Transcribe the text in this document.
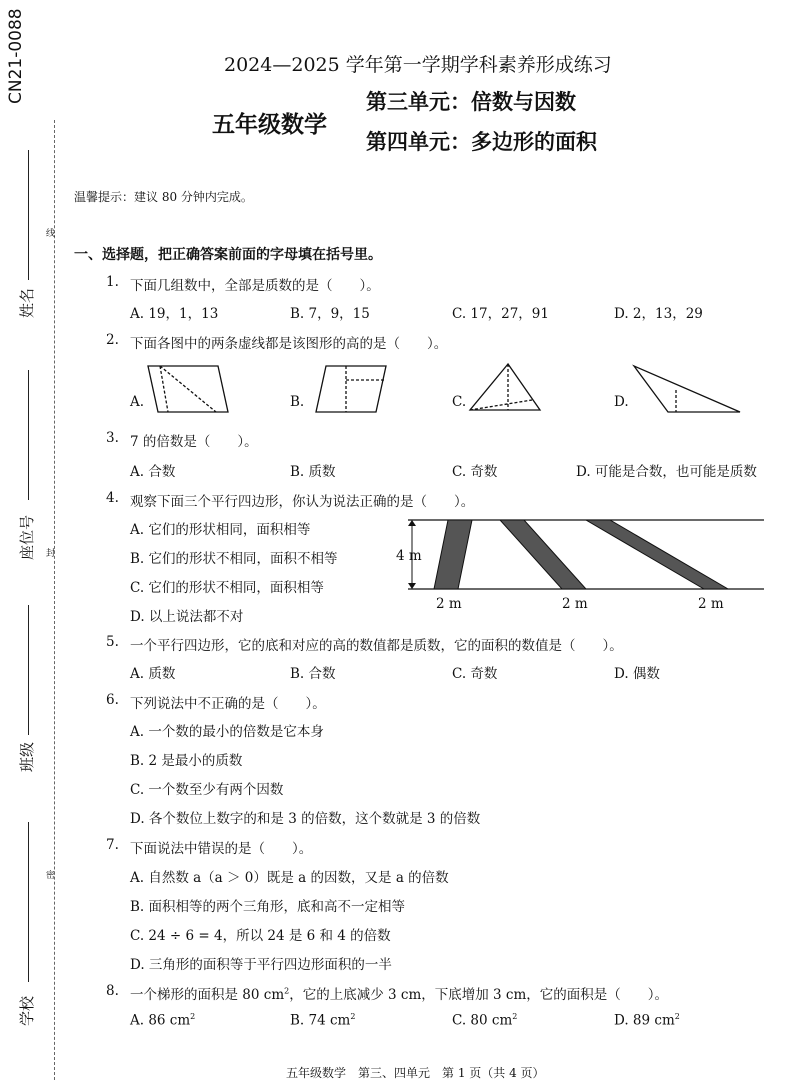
CN21-0088
线
封
密
姓名
座位号
班级
学校
2024—2025 学年第一学期学科素养形成练习
五年级数学
第三单元：倍数与因数
第四单元：多边形的面积
温馨提示：建议 80 分钟内完成。
一、选择题，把正确答案前面的字母填在括号里。
1. 下面几组数中，全部是质数的是（　　）。
A. 19，1，13	B. 7，9，15	C. 17，27，91	D. 2，13，29
2. 下面各图中的两条虚线都是该图形的高的是（　　）。
A.	B.	C.	D.
3. 7 的倍数是（　　）。
A. 合数	B. 质数	C. 奇数	D. 可能是合数，也可能是质数
4. 观察下面三个平行四边形，你认为说法正确的是（　　）。
A. 它们的形状相同，面积相等
B. 它们的形状不相同，面积不相等
C. 它们的形状不相同，面积相等
D. 以上说法都不对
4 m
2 m	2 m	2 m
5. 一个平行四边形，它的底和对应的高的数值都是质数，它的面积的数值是（　　）。
A. 质数	B. 合数	C. 奇数	D. 偶数
6. 下列说法中不正确的是（　　）。
A. 一个数的最小的倍数是它本身
B. 2 是最小的质数
C. 一个数至少有两个因数
D. 各个数位上数字的和是 3 的倍数，这个数就是 3 的倍数
7. 下面说法中错误的是（　　）。
A. 自然数 a（a ＞ 0）既是 a 的因数，又是 a 的倍数
B. 面积相等的两个三角形，底和高不一定相等
C. 24 ÷ 6 = 4，所以 24 是 6 和 4 的倍数
D. 三角形的面积等于平行四边形面积的一半
8. 一个梯形的面积是 80 $cm^2$，它的上底减少 3 cm，下底增加 3 cm，它的面积是（　　）。
A. 86 $cm^2$	B. 74 $cm^2$	C. 80 $cm^2$	D. 89 $cm^2$
五年级数学　第三、四单元　第 1 页（共 4 页）
